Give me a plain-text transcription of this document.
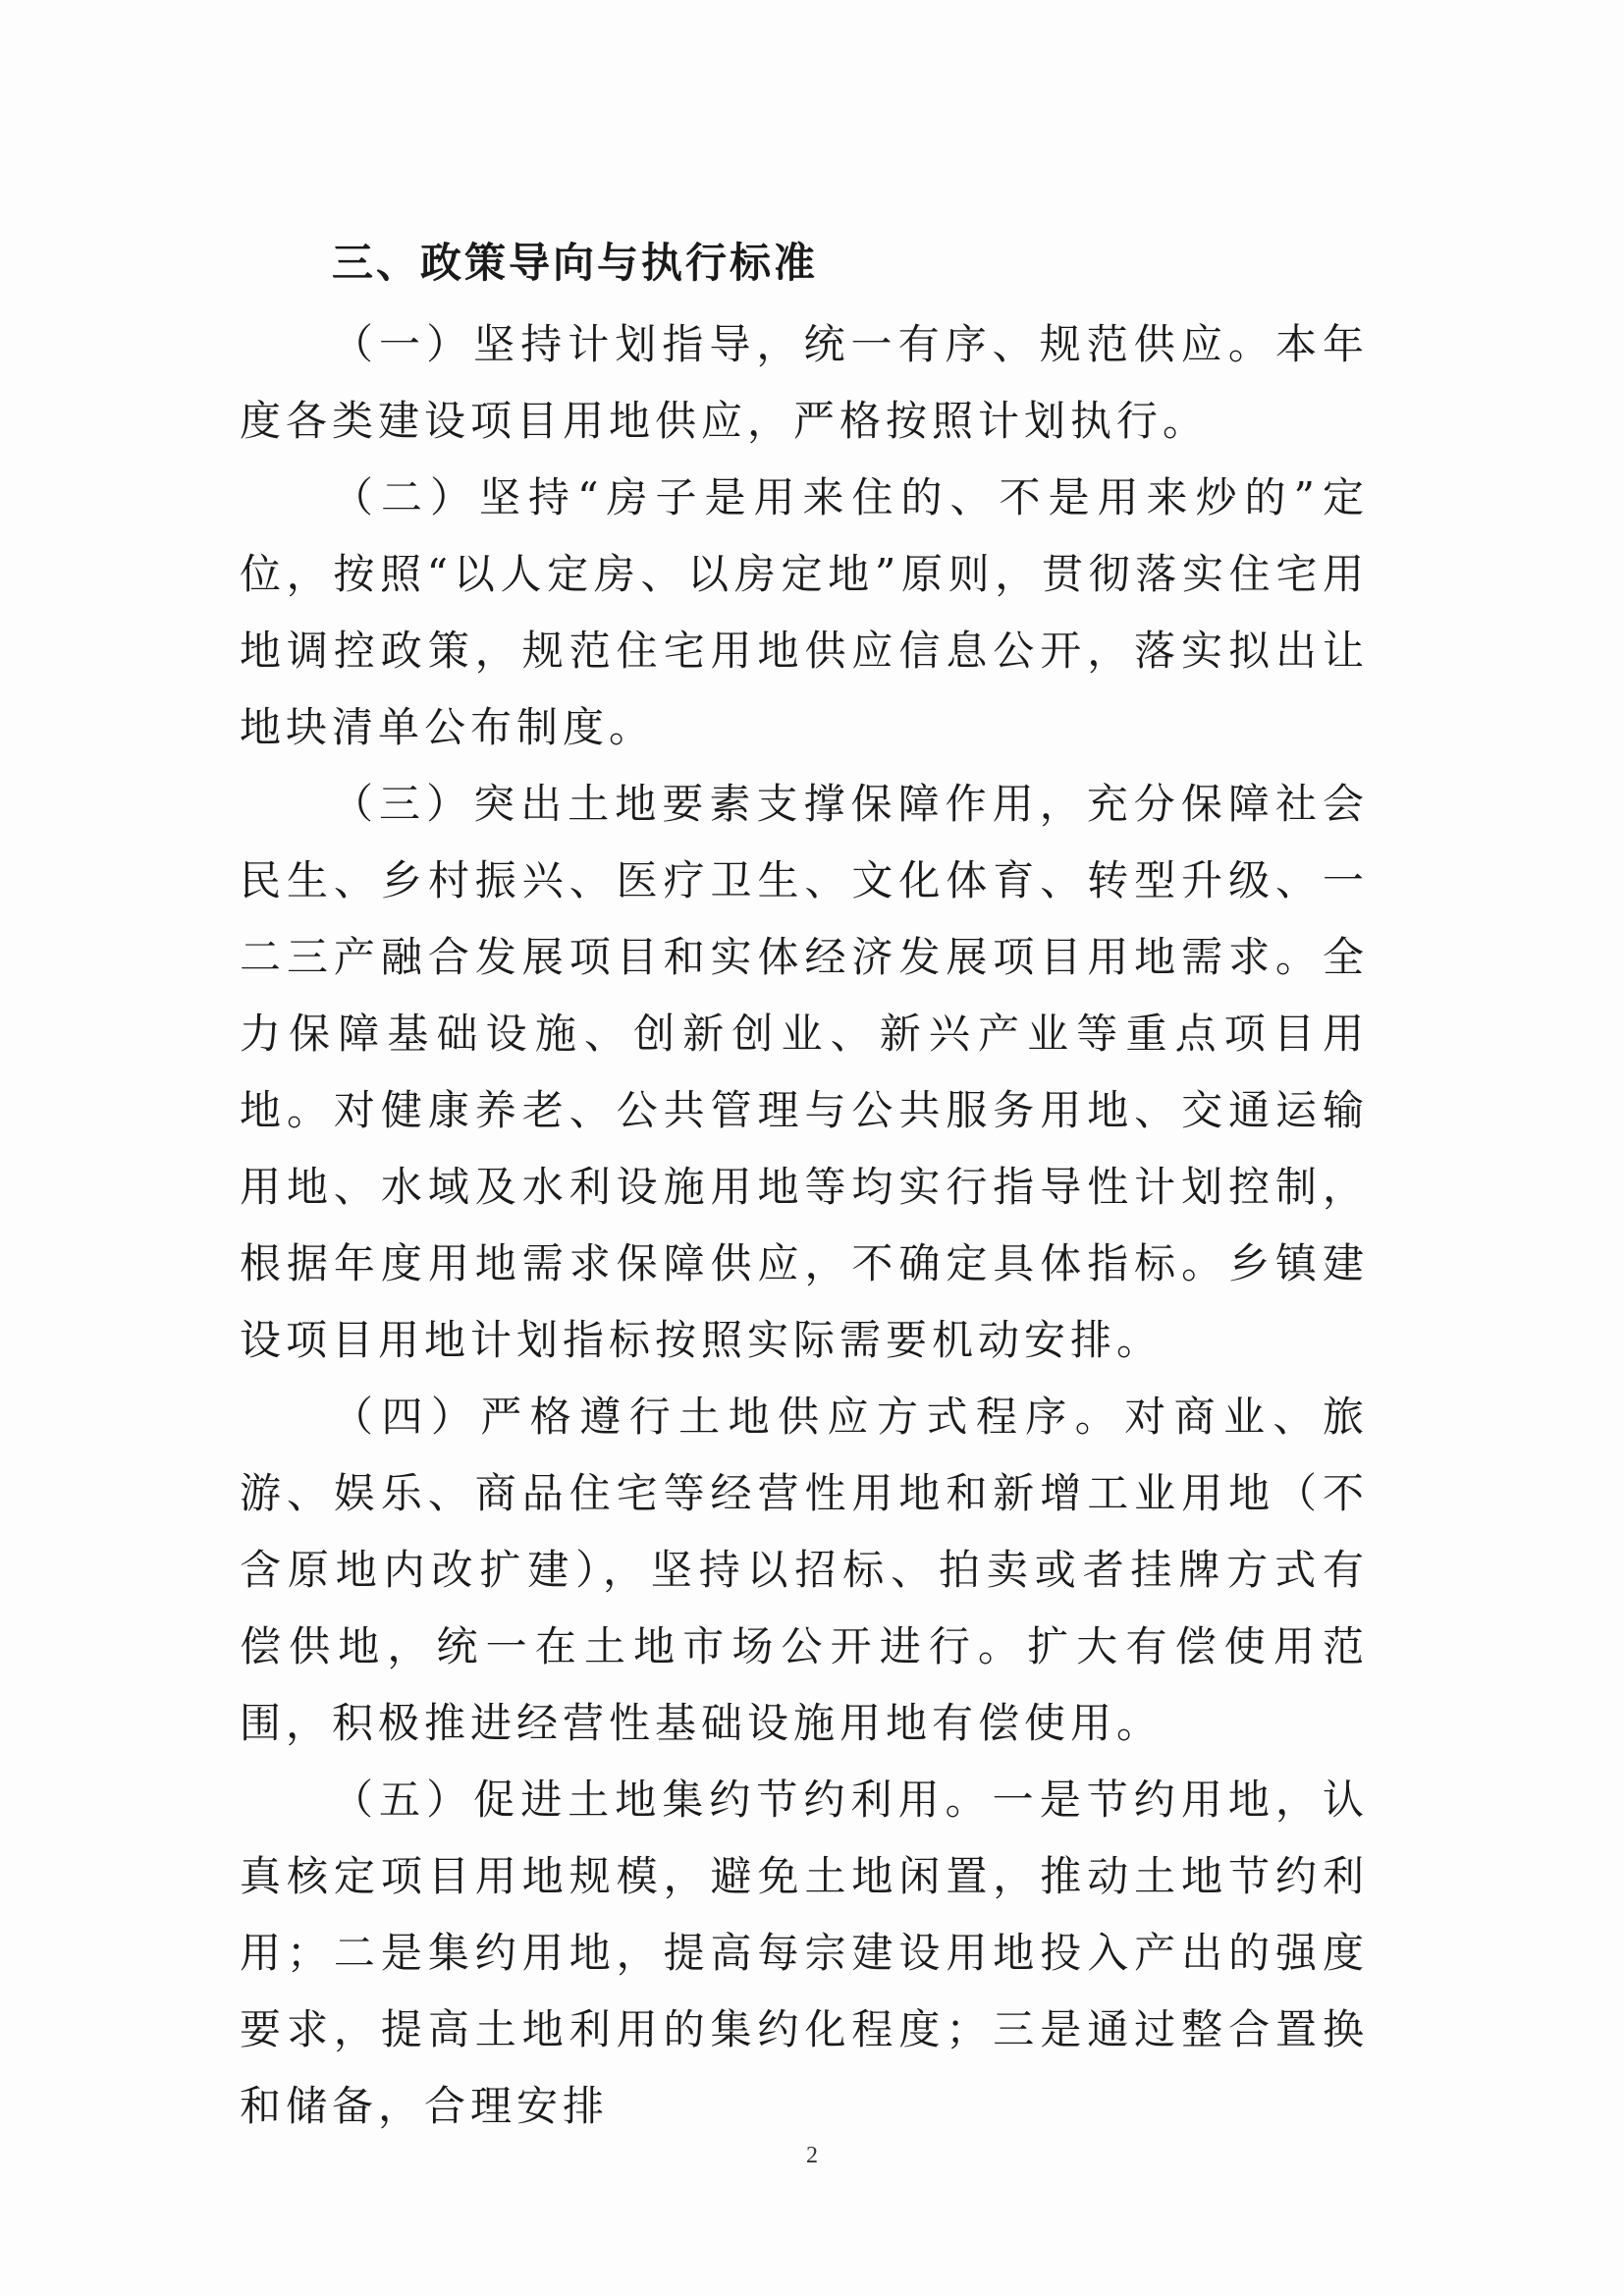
三、政策导向与执行标准

（一）坚持计划指导，统一有序、规范供应。本年度各类建设项目用地供应，严格按照计划执行。

（二）坚持“房子是用来住的、不是用来炒的”定位，按照“以人定房、以房定地”原则，贯彻落实住宅用地调控政策，规范住宅用地供应信息公开，落实拟出让地块清单公布制度。

（三）突出土地要素支撑保障作用，充分保障社会民生、乡村振兴、医疗卫生、文化体育、转型升级、一二三产融合发展项目和实体经济发展项目用地需求。全力保障基础设施、创新创业、新兴产业等重点项目用地。对健康养老、公共管理与公共服务用地、交通运输用地、水域及水利设施用地等均实行指导性计划控制，根据年度用地需求保障供应，不确定具体指标。乡镇建设项目用地计划指标按照实际需要机动安排。

（四）严格遵行土地供应方式程序。对商业、旅游、娱乐、商品住宅等经营性用地和新增工业用地（不含原地内改扩建），坚持以招标、拍卖或者挂牌方式有偿供地，统一在土地市场公开进行。扩大有偿使用范围，积极推进经营性基础设施用地有偿使用。

（五）促进土地集约节约利用。一是节约用地，认真核定项目用地规模，避免土地闲置，推动土地节约利用；二是集约用地，提高每宗建设用地投入产出的强度要求，提高土地利用的集约化程度；三是通过整合置换和储备，合理安排

2
